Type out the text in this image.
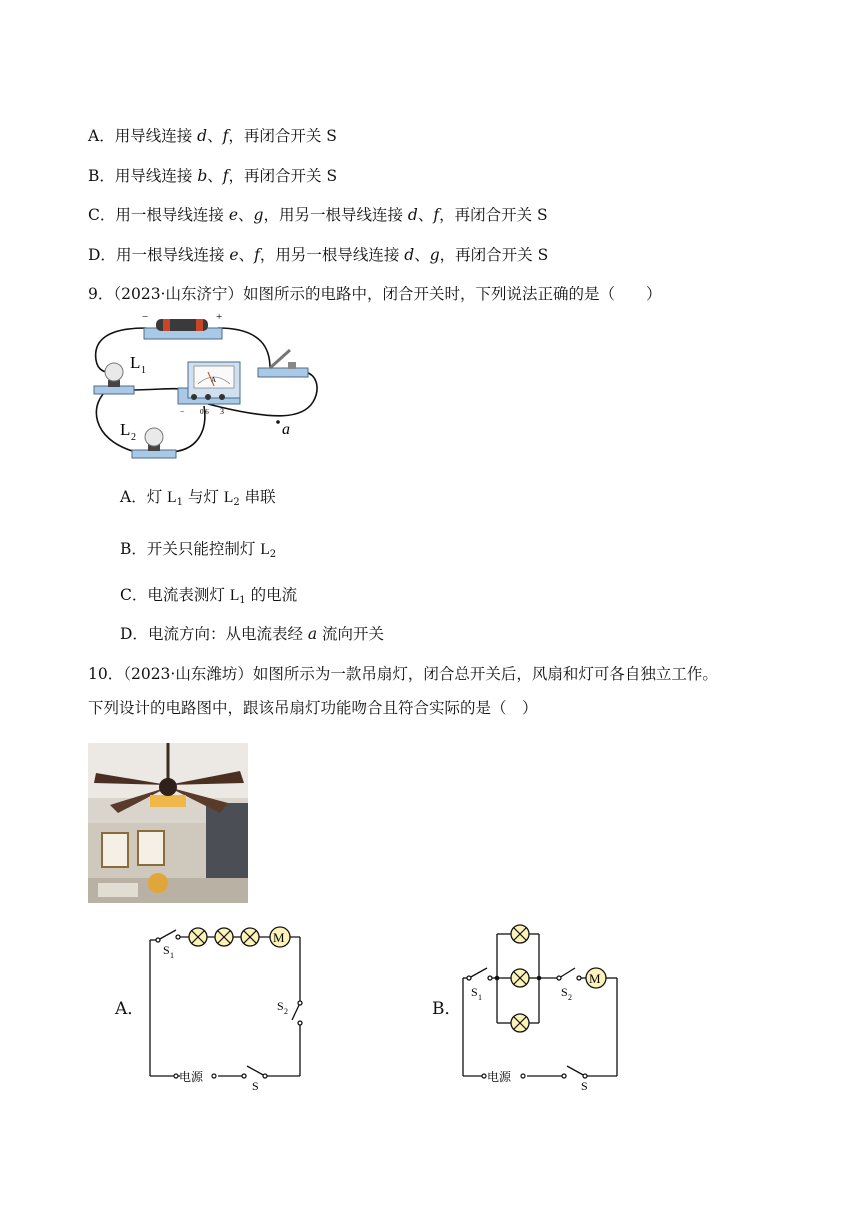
A．用导线连接 d、f，再闭合开关 S
B．用导线连接 b、f，再闭合开关 S
C．用一根导线连接 e、g，用另一根导线连接 d、f，再闭合开关 S
D．用一根导线连接 e、f，用另一根导线连接 d、g，再闭合开关 S
9．（2023·山东济宁）如图所示的电路中，闭合开关时，下列说法正确的是（　　）
−	+
L 1
A
− 0.6 3
a
L 2
A．灯 $L_1$ 与灯 $L_2$ 串联
B．开关只能控制灯 $L_2$
C．电流表测灯 $L_1$ 的电流
D．电流方向：从电流表经 a 流向开关
10．（2023·山东潍坊）如图所示为一款吊扇灯，闭合总开关后，风扇和灯可各自独立工作。
下列设计的电路图中，跟该吊扇灯功能吻合且符合实际的是（　）
A．
M
S 1
S 2
电源
S
B．
M
S 1	S 2
电源
S
